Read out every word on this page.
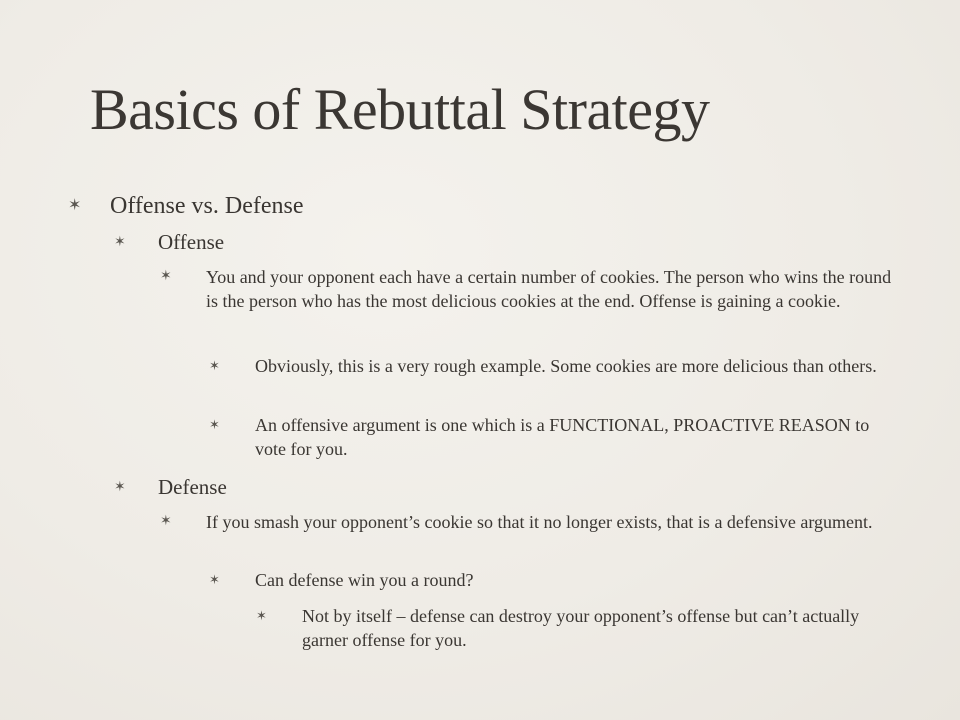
Basics of Rebuttal Strategy
✶	Offense vs. Defense
✶	Offense
✶	You and your opponent each have a certain number of cookies. The person who wins the round is the person who has the most delicious cookies at the end. Offense is gaining a cookie.
✶	Obviously, this is a very rough example. Some cookies are more delicious than others.
✶	An offensive argument is one which is a FUNCTIONAL, PROACTIVE REASON to vote for you.
✶	Defense
✶	If you smash your opponent’s cookie so that it no longer exists, that is a defensive argument.
✶	Can defense win you a round?
✶	Not by itself – defense can destroy your opponent’s offense but can’t actually garner offense for you.
